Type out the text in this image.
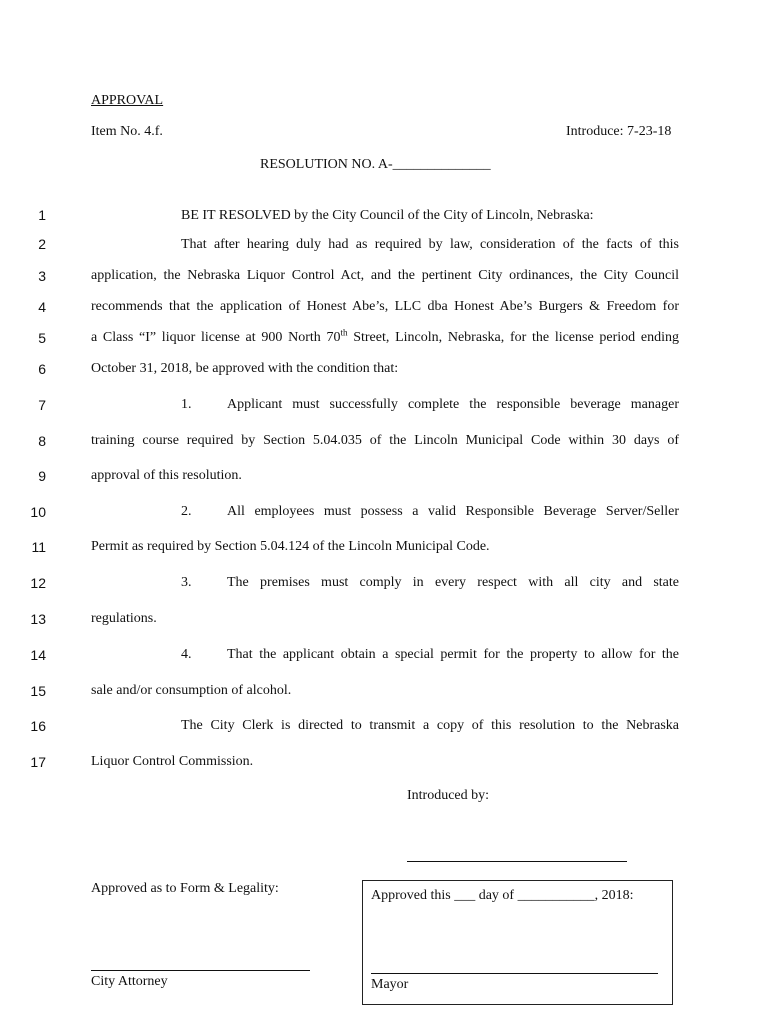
APPROVAL
Item No. 4.f.	Introduce: 7-23-18
RESOLUTION NO. A-______________
1
2
3
4
5
6
7
8
9
10
11
12
13
14
15
16
17
BE IT RESOLVED by the City Council of the City of Lincoln, Nebraska:
That after hearing duly had as required by law, consideration of the facts of this
application, the Nebraska Liquor Control Act, and the pertinent City ordinances, the City Council
recommends that the application of Honest Abe’s, LLC dba Honest Abe’s Burgers & Freedom for
a Class “I” liquor license at 900 North 70th Street, Lincoln, Nebraska, for the license period ending
October 31, 2018, be approved with the condition that:
1.	Applicant must successfully complete the responsible beverage manager
training course required by Section 5.04.035 of the Lincoln Municipal Code within 30 days of
approval of this resolution.
2.	All employees must possess a valid Responsible Beverage Server/Seller
Permit as required by Section 5.04.124 of the Lincoln Municipal Code.
3.	The premises must comply in every respect with all city and state
regulations.
4.	That the applicant obtain a special permit for the property to allow for the
sale and/or consumption of alcohol.
The City Clerk is directed to transmit a copy of this resolution to the Nebraska
Liquor Control Commission.
Introduced by:
Approved as to Form & Legality:
City Attorney
Approved this ___ day of ___________, 2018:
Mayor
